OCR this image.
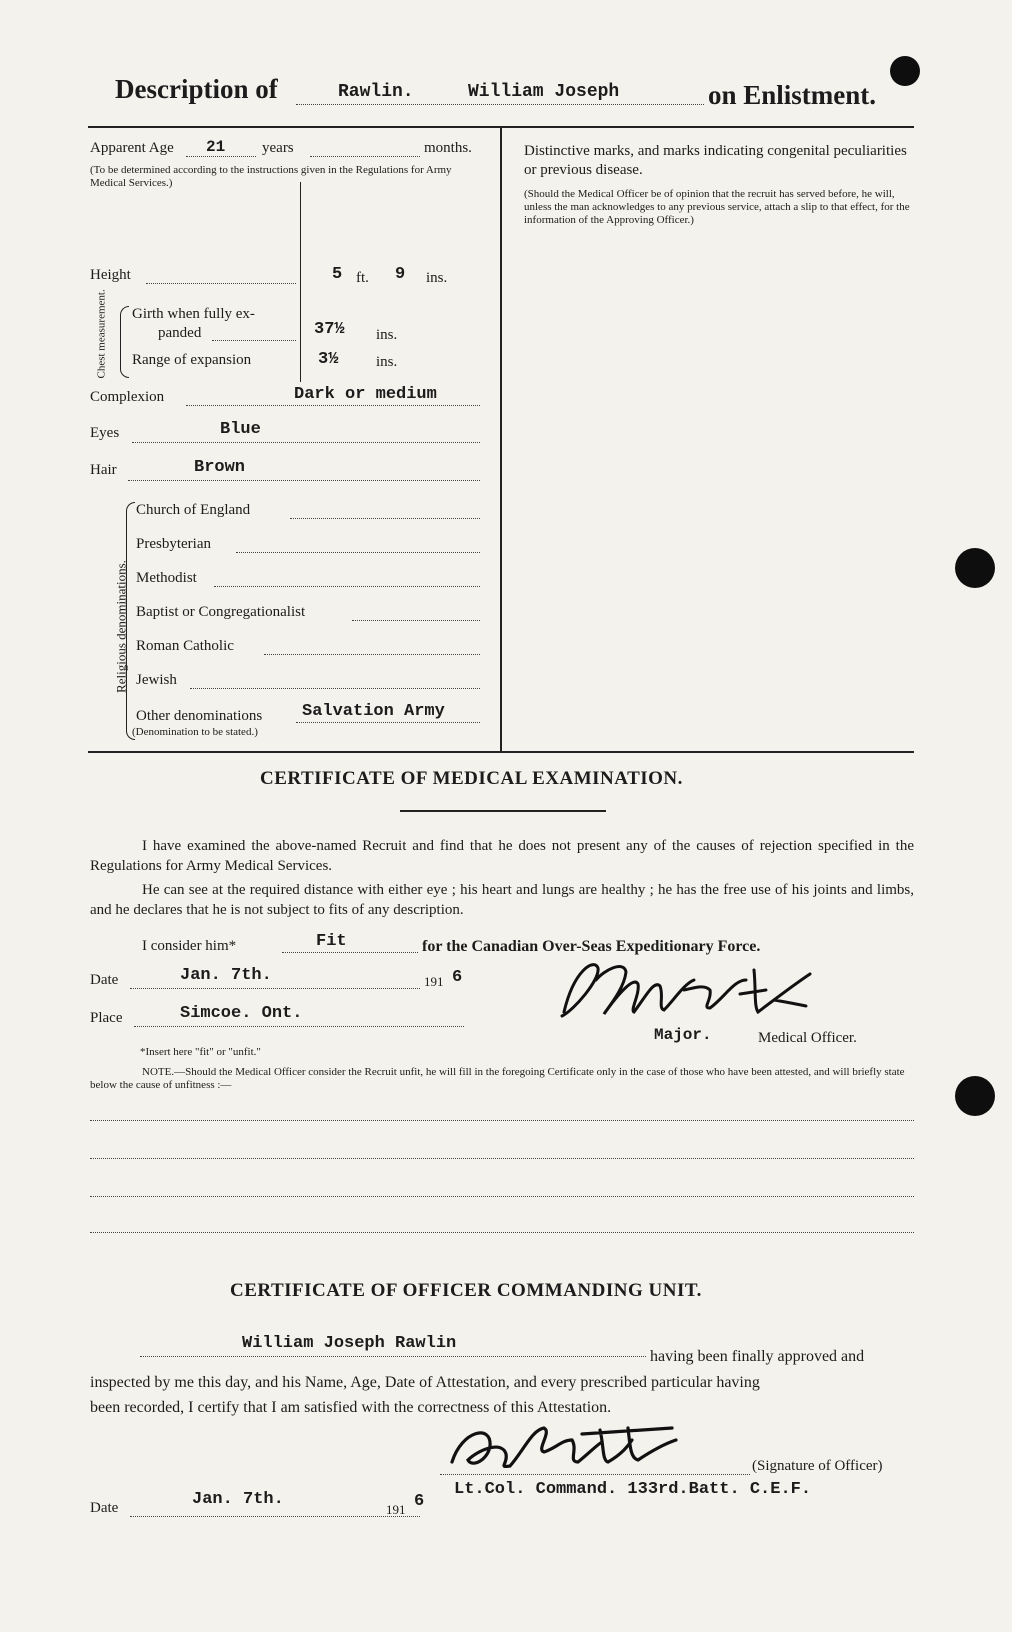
Description of	Rawlin.	William Joseph	on Enlistment.
Apparent Age 21 years	months.
(To be determined according to the instructions given in the Regulations for Army Medical Services.)
Height	5 ft. 9 ins.
Chest measurement. Girth when fully ex-
panded	37½ ins.
Range of expansion	3½	ins.
Complexion	Dark or medium
Eyes	Blue
Hair	Brown
Religious denominations.
Church of England
Presbyterian
Methodist
Baptist or Congregationalist
Roman Catholic
Jewish
Other denominations Salvation Army
(Denomination to be stated.)
Distinctive marks, and marks indicating congenital peculiarities or previous disease.
(Should the Medical Officer be of opinion that the recruit has served before, he will, unless the man acknowledges to any previous service, attach a slip to that effect, for the information of the Approving Officer.)
CERTIFICATE OF MEDICAL EXAMINATION.
I have examined the above-named Recruit and find that he does not present any of the causes of rejection specified in the Regulations for Army Medical Services.
He can see at the required distance with either eye ; his heart and lungs are healthy ; he has the free use of his joints and limbs, and he declares that he is not subject to fits of any description.
I consider him*	Fit	for the Canadian Over-Seas Expeditionary Force.
Date	Jan. 7th.	191 6
Place	Simcoe. Ont.
*Insert here "fit" or "unfit."
Major.	Medical Officer.
NOTE.—Should the Medical Officer consider the Recruit unfit, he will fill in the foregoing Certificate only in the case of those who have been attested, and will briefly state below the cause of unfitness :—
CERTIFICATE OF OFFICER COMMANDING UNIT.
William Joseph Rawlin
having been finally approved and
inspected by me this day, and his Name, Age, Date of Attestation, and every prescribed particular having
been recorded, I certify that I am satisfied with the correctness of this Attestation.
(Signature of Officer)
Lt.Col. Command. 133rd.Batt. C.E.F.
Date	Jan. 7th.
191 6
